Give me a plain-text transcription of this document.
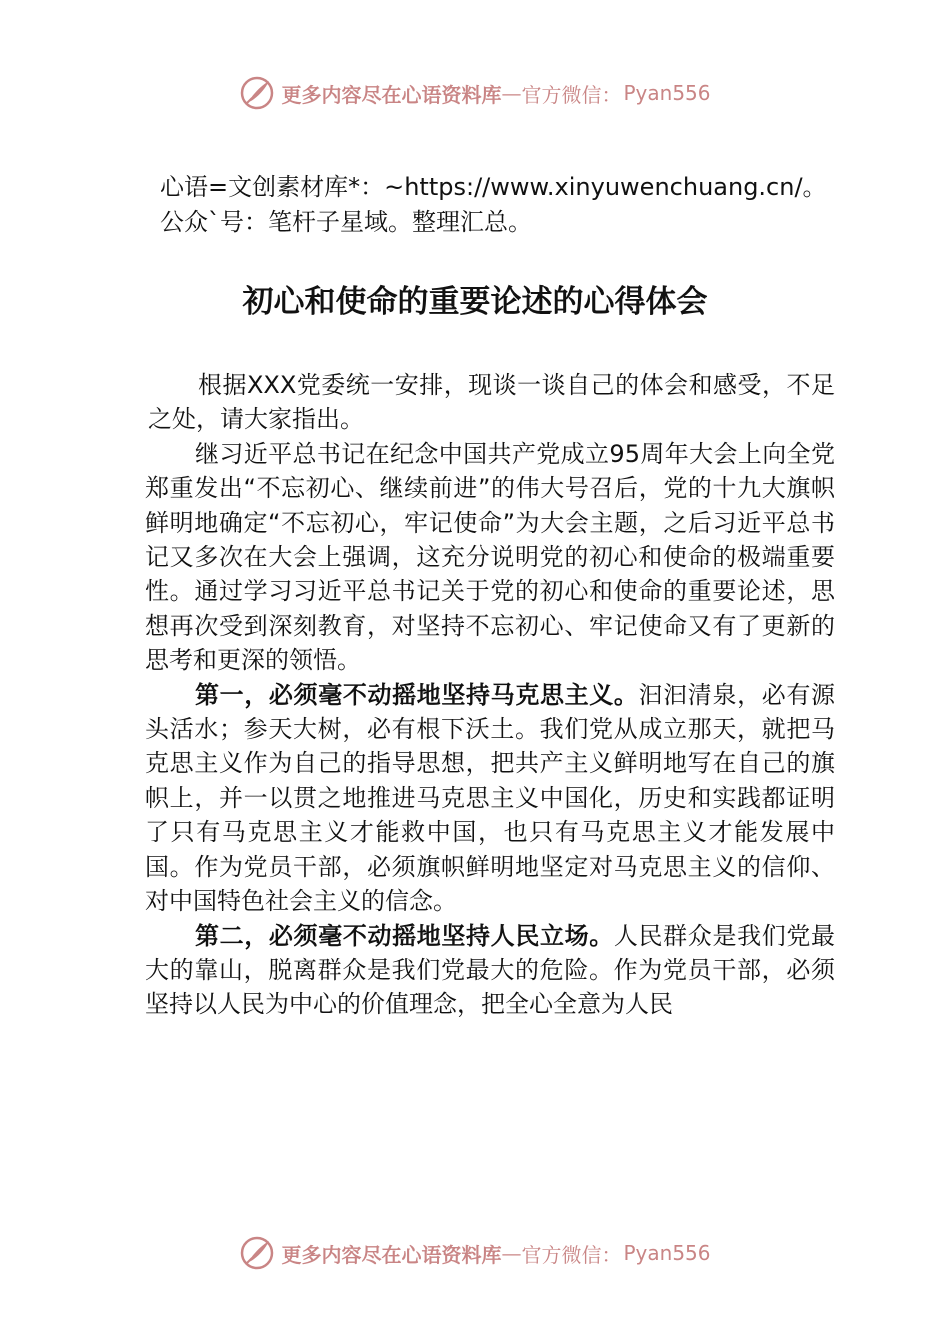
更多内容尽在心语资料库 — 官方微信： Pyan556
心语=文创素材库*：~https://www.xinyuwenchuang.cn/。公众`号：笔杆子星域。整理汇总。
初心和使命的重要论述的心得体会

根据XXX党委统一安排，现谈一谈自己的体会和感受，不足之处，请大家指出。

继习近平总书记在纪念中国共产党成立95周年大会上向全党郑重发出“不忘初心、继续前进”的伟大号召后，党的十九大旗帜鲜明地确定“不忘初心，牢记使命”为大会主题，之后习近平总书记又多次在大会上强调，这充分说明党的初心和使命的极端重要性。通过学习习近平总书记关于党的初心和使命的重要论述，思想再次受到深刻教育，对坚持不忘初心、牢记使命又有了更新的思考和更深的领悟。

第一，必须毫不动摇地坚持马克思主义。汩汩清泉，必有源头活水；参天大树，必有根下沃土。我们党从成立那天，就把马克思主义作为自己的指导思想，把共产主义鲜明地写在自己的旗帜上，并一以贯之地推进马克思主义中国化，历史和实践都证明了只有马克思主义才能救中国，也只有马克思主义才能发展中国。作为党员干部，必须旗帜鲜明地坚定对马克思主义的信仰、对中国特色社会主义的信念。

第二，必须毫不动摇地坚持人民立场。人民群众是我们党最大的靠山，脱离群众是我们党最大的危险。作为党员干部，必须坚持以人民为中心的价值理念，把全心全意为人民

更多内容尽在心语资料库 — 官方微信： Pyan556
